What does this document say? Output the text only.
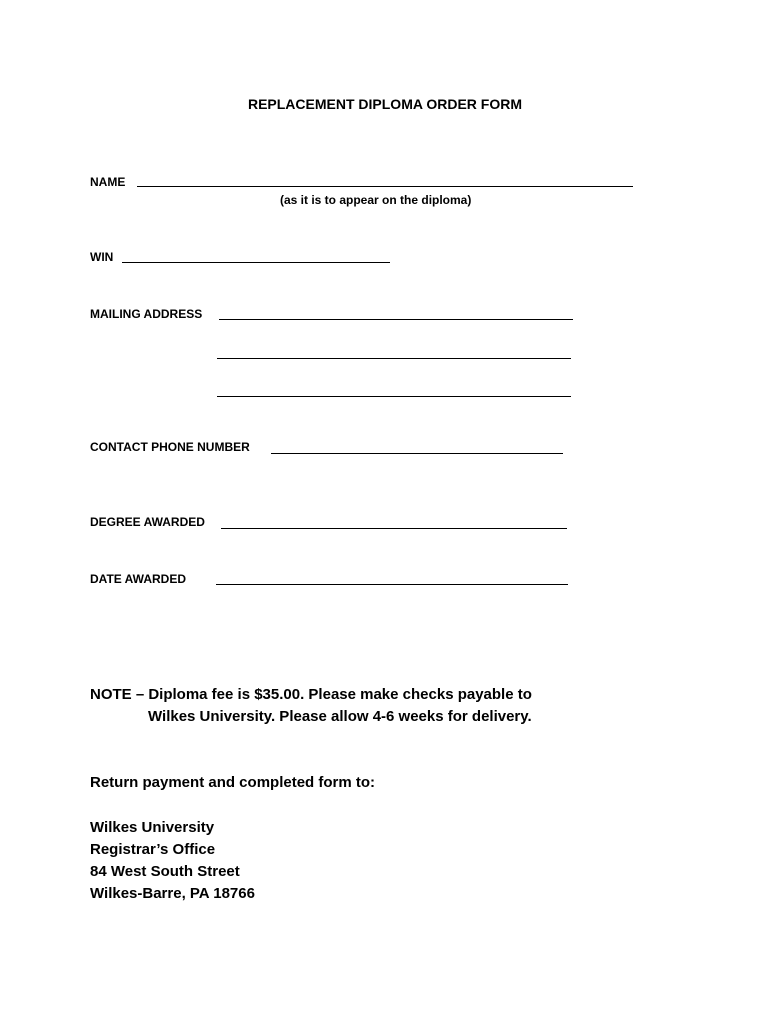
REPLACEMENT DIPLOMA ORDER FORM
NAME
(as it is to appear on the diploma)
WIN
MAILING ADDRESS
CONTACT PHONE NUMBER
DEGREE AWARDED
DATE AWARDED
NOTE – Diploma fee is $35.00. Please make checks payable to
Wilkes University. Please allow 4-6 weeks for delivery.
Return payment and completed form to:
Wilkes University
Registrar’s Office
84 West South Street
Wilkes-Barre, PA 18766
